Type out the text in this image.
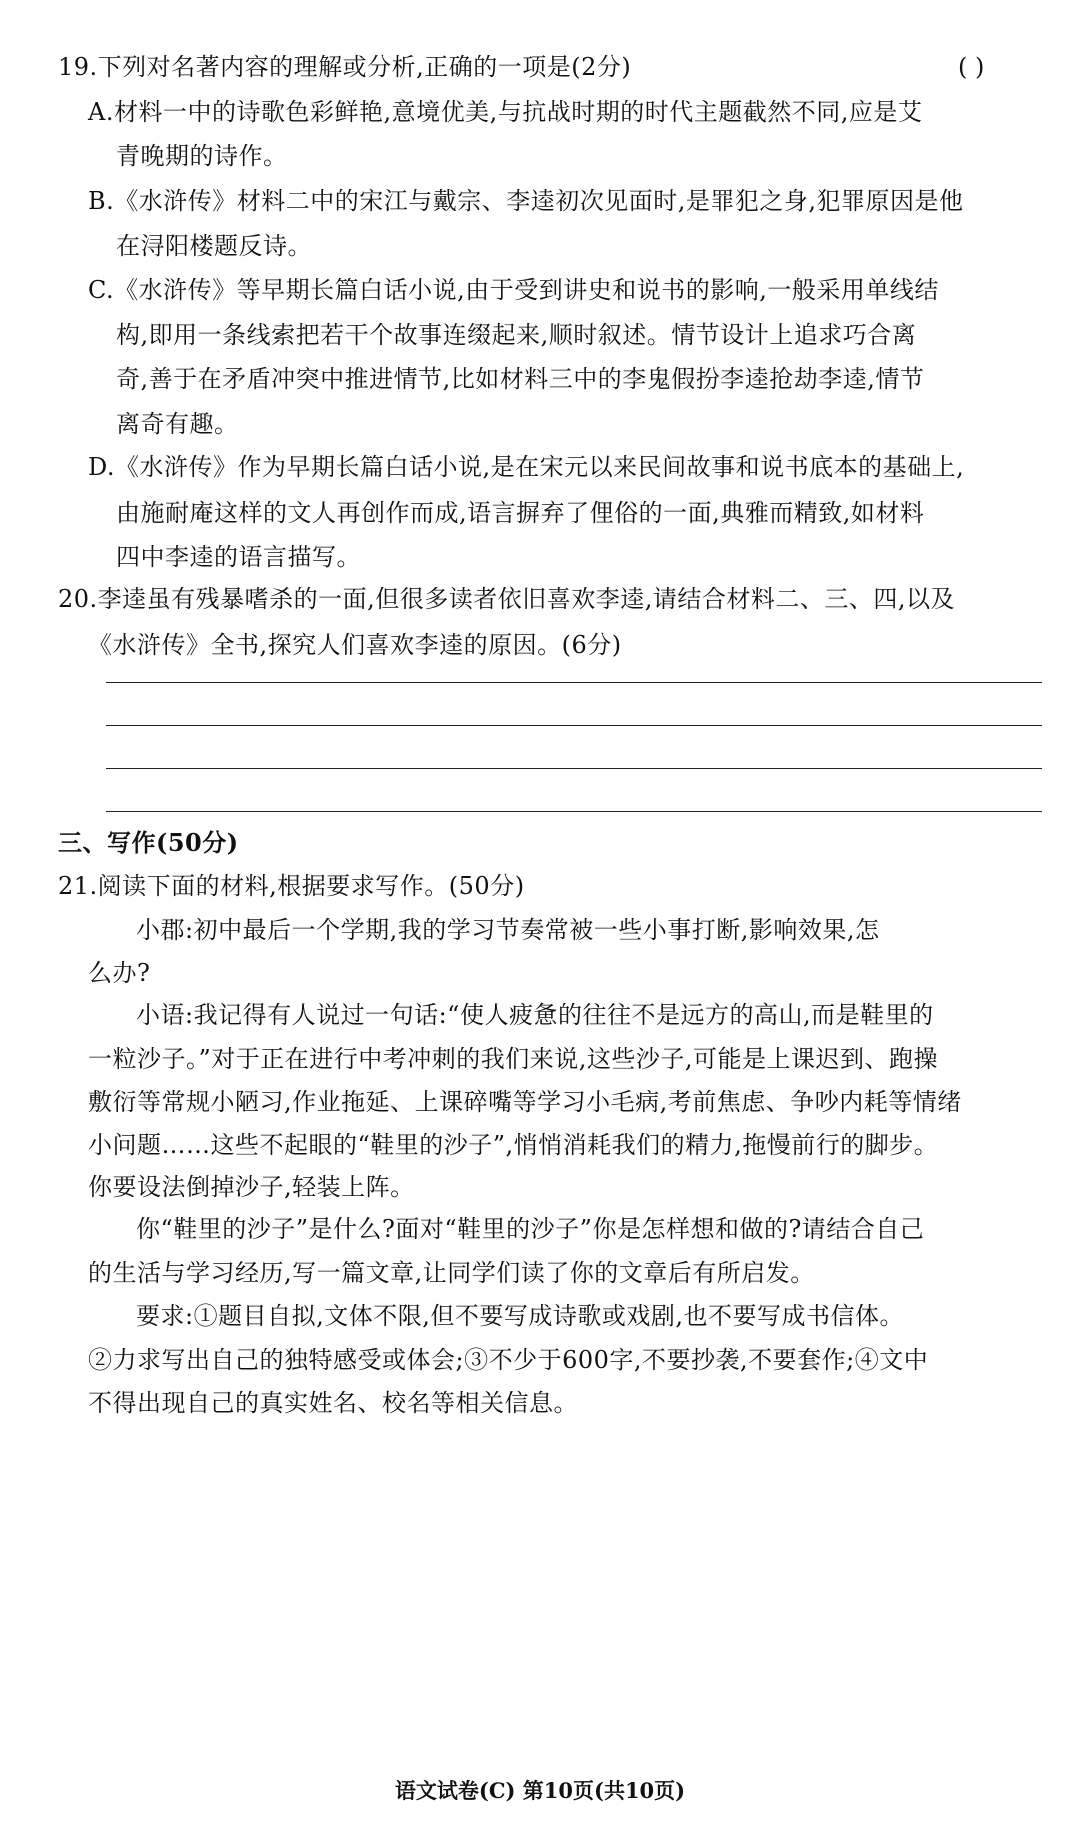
19.下列对名著内容的理解或分析,正确的一项是(2分)	( )
A.材料一中的诗歌色彩鲜艳,意境优美,与抗战时期的时代主题截然不同,应是艾
青晚期的诗作。
B.《水浒传》材料二中的宋江与戴宗、李逵初次见面时,是罪犯之身,犯罪原因是他
在浔阳楼题反诗。
C.《水浒传》等早期长篇白话小说,由于受到讲史和说书的影响,一般采用单线结
构,即用一条线索把若干个故事连缀起来,顺时叙述。情节设计上追求巧合离
奇,善于在矛盾冲突中推进情节,比如材料三中的李鬼假扮李逵抢劫李逵,情节
离奇有趣。
D.《水浒传》作为早期长篇白话小说,是在宋元以来民间故事和说书底本的基础上,
由施耐庵这样的文人再创作而成,语言摒弃了俚俗的一面,典雅而精致,如材料
四中李逵的语言描写。
20.李逵虽有残暴嗜杀的一面,但很多读者依旧喜欢李逵,请结合材料二、三、四,以及
《水浒传》全书,探究人们喜欢李逵的原因。(6分)
三、写作(50分)
21.阅读下面的材料,根据要求写作。(50分)
小郡:初中最后一个学期,我的学习节奏常被一些小事打断,影响效果,怎
么办?
小语:我记得有人说过一句话:“使人疲惫的往往不是远方的高山,而是鞋里的
一粒沙子。”对于正在进行中考冲刺的我们来说,这些沙子,可能是上课迟到、跑操
敷衍等常规小陋习,作业拖延、上课碎嘴等学习小毛病,考前焦虑、争吵内耗等情绪
小问题……这些不起眼的“鞋里的沙子”,悄悄消耗我们的精力,拖慢前行的脚步。
你要设法倒掉沙子,轻装上阵。
你“鞋里的沙子”是什么?面对“鞋里的沙子”你是怎样想和做的?请结合自己
的生活与学习经历,写一篇文章,让同学们读了你的文章后有所启发。
要求:①题目自拟,文体不限,但不要写成诗歌或戏剧,也不要写成书信体。
②力求写出自己的独特感受或体会;③不少于600字,不要抄袭,不要套作;④文中
不得出现自己的真实姓名、校名等相关信息。
语文试卷(C) 第10页(共10页)
